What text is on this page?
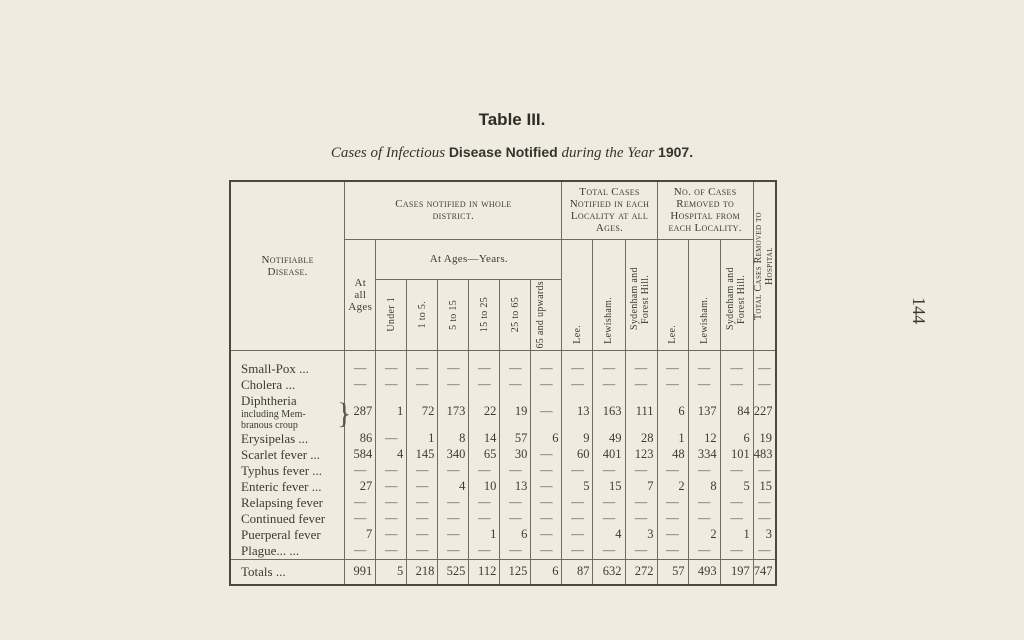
Table III.
Cases of Infectious Disease Notified during the Year 1907.
144
Notifiable Disease.	Cases notified in whole district.							Total Cases Notified in each Locality at all Ages.			No. of Cases Removed to Hospital from each Locality.			Total Cases Removed to Hospital

	At all Ages	At Ages—Years.						Lee.	Lewisham.	Sydenham and Forest Hill.	Lee.	Lewisham.	Sydenham and Forest Hill.	

		Under 1	1 to 5.	5 to 15	15 to 25	25 to 65	65 and upwards							

Small-Pox ...	—	—	—	—	—	—	—	—	—	—	—	—	—	—
Cholera ...	—	—	—	—	—	—	—	—	—	—	—	—	—	—

Diphtheria
including Mem-
branous croup }	287	1	72	173	22	19	—	13	163	111	6	137	84	227
Erysipelas ...	86	—	1	8	14	57	6	9	49	28	1	12	6	19
Scarlet fever ...	584	4	145	340	65	30	—	60	401	123	48	334	101	483
Typhus fever ...	—	—	—	—	—	—	—	—	—	—	—	—	—	—
Enteric fever ...	27	—	—	4	10	13	—	5	15	7	2	8	5	15
Relapsing fever	—	—	—	—	—	—	—	—	—	—	—	—	—	—
Continued fever	—	—	—	—	—	—	—	—	—	—	—	—	—	—
Puerperal fever	7	—	—	—	1	6	—	—	4	3	—	2	1	3
Plague... ...	—	—	—	—	—	—	—	—	—	—	—	—	—	—
Totals ...	991	5	218	525	112	125	6	87	632	272	57	493	197	747
